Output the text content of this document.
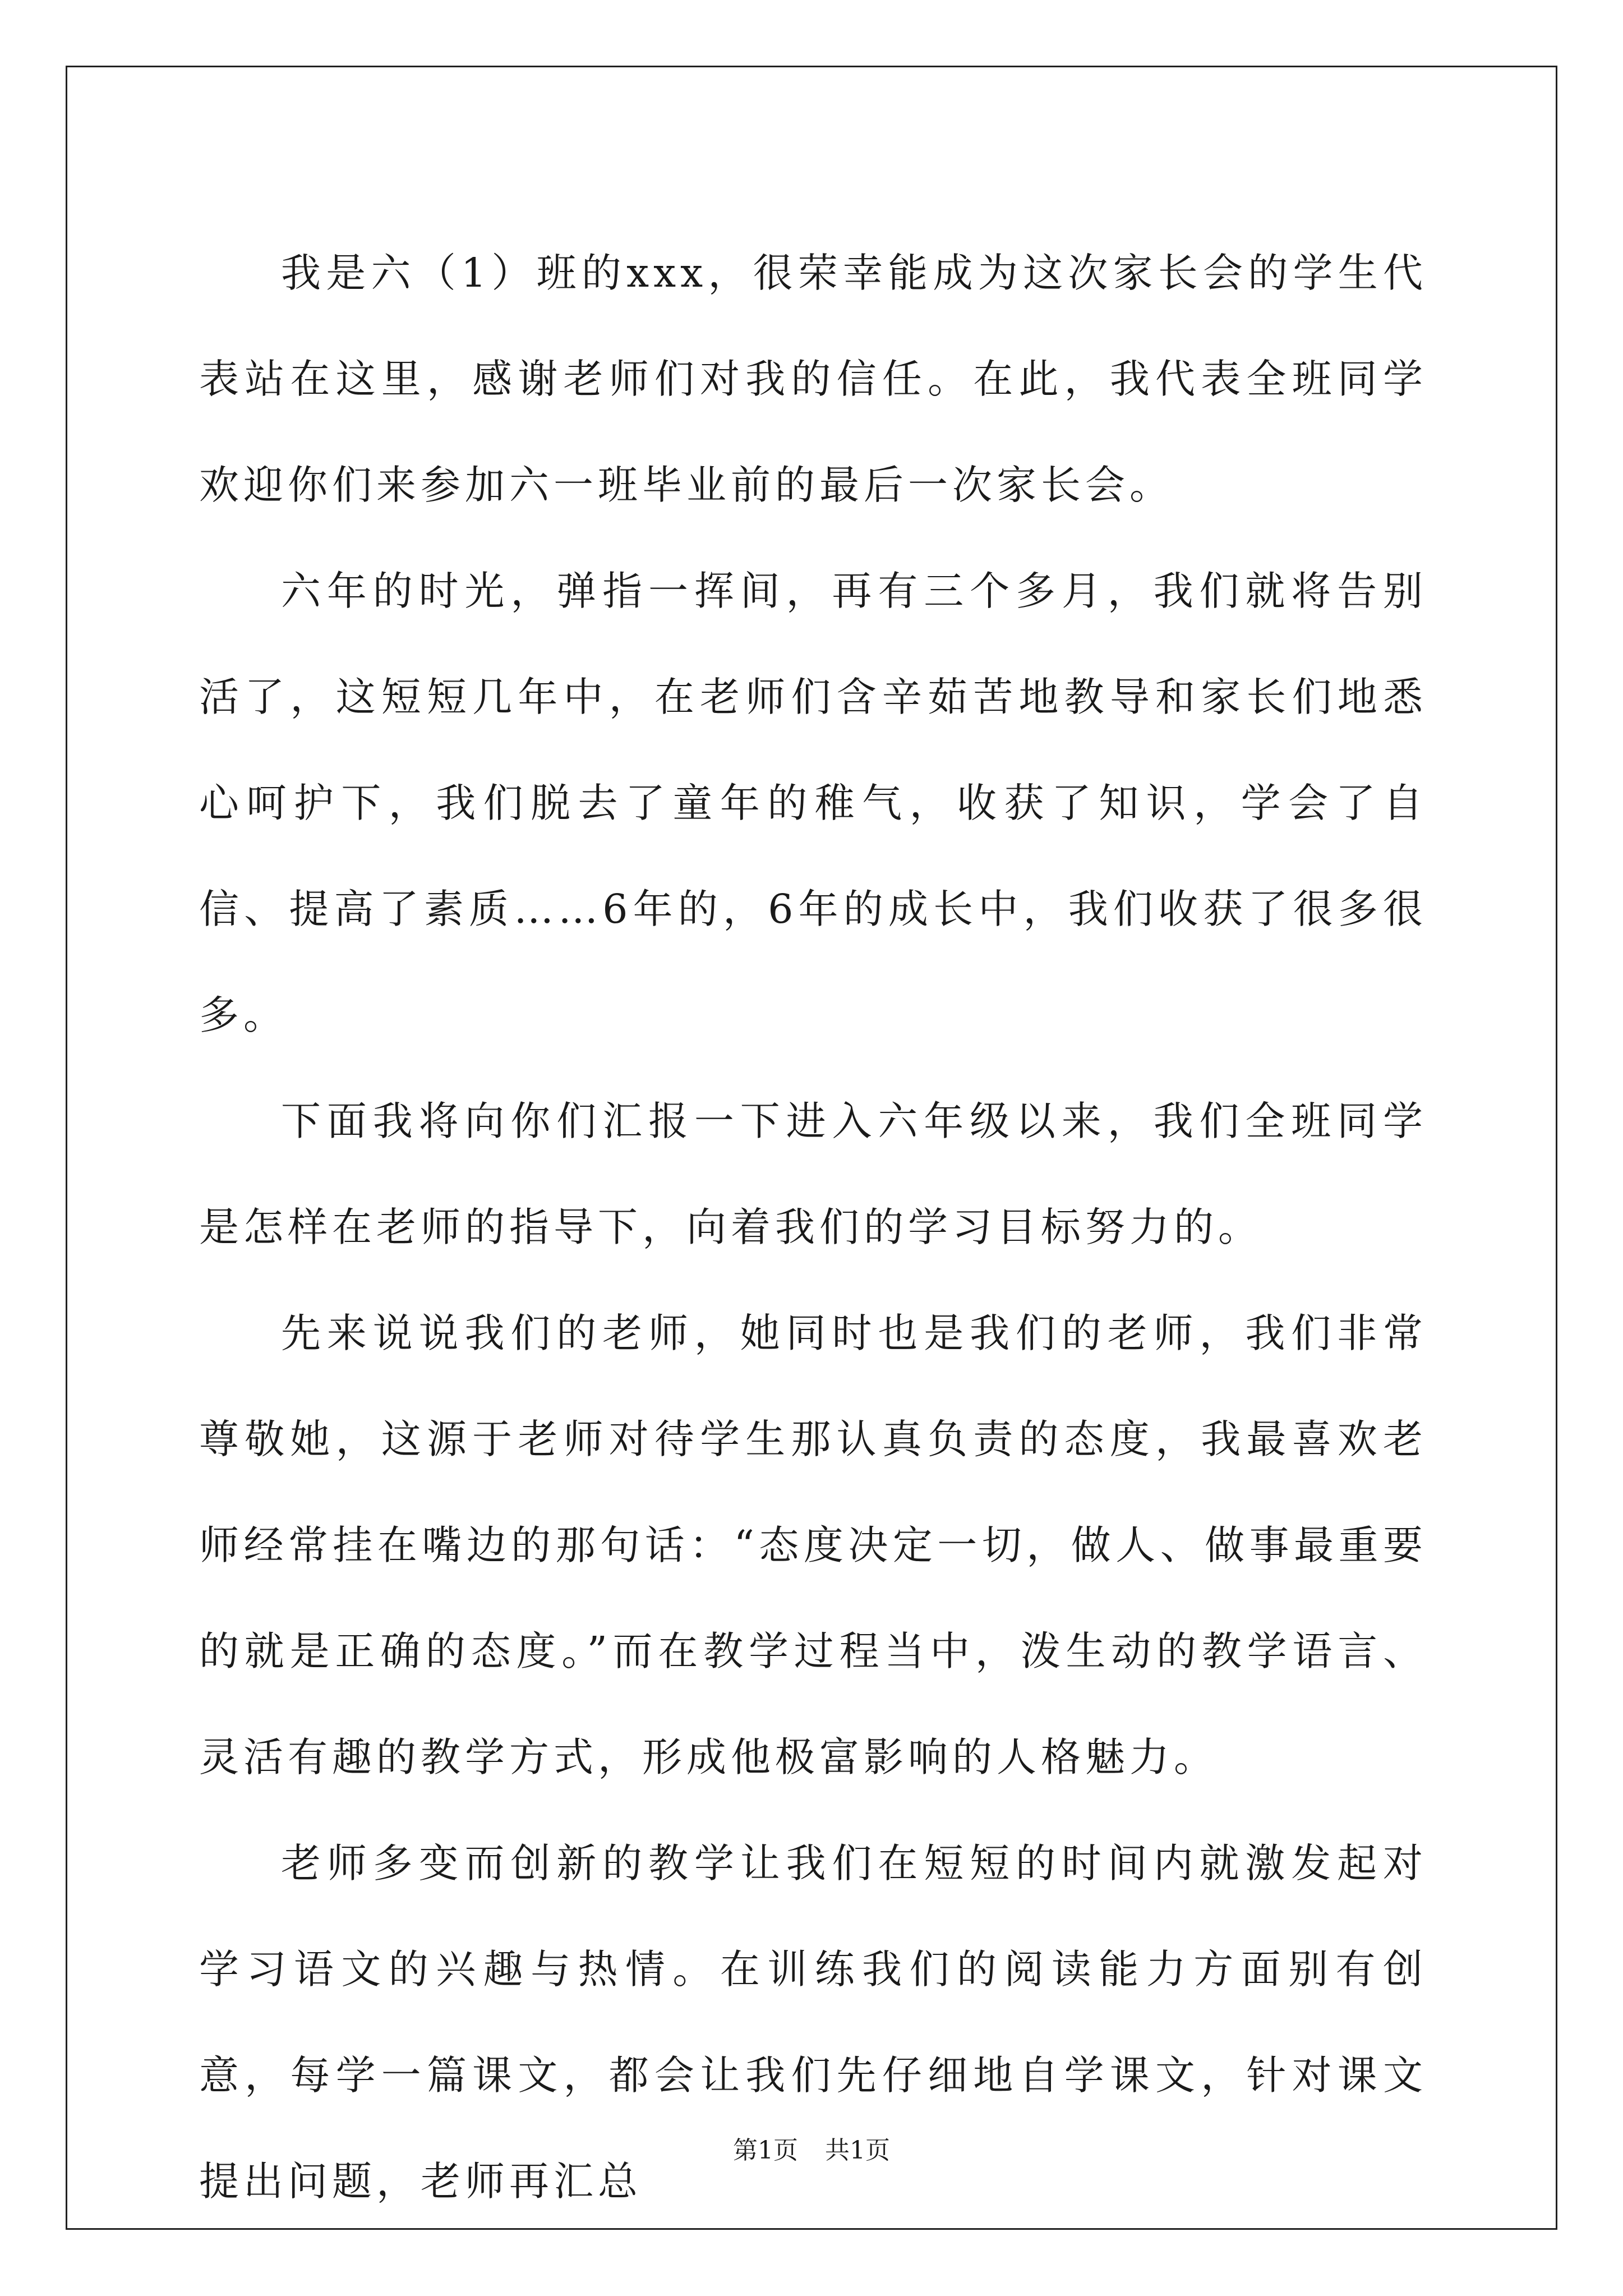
我是六（1）班的xxx，很荣幸能成为这次家长会的学生代表站在这里，感谢老师们对我的信任。在此，我代表全班同学欢迎你们来参加六一班毕业前的最后一次家长会。

六年的时光，弹指一挥间，再有三个多月，我们就将告别活了，这短短几年中，在老师们含辛茹苦地教导和家长们地悉心呵护下，我们脱去了童年的稚气，收获了知识，学会了自信、提高了素质……6年的，6年的成长中，我们收获了很多很多。

下面我将向你们汇报一下进入六年级以来，我们全班同学是怎样在老师的指导下，向着我们的学习目标努力的。

先来说说我们的老师，她同时也是我们的老师，我们非常尊敬她，这源于老师对待学生那认真负责的态度，我最喜欢老师经常挂在嘴边的那句话：“态度决定一切，做人、做事最重要的就是正确的态度。”而在教学过程当中，泼生动的教学语言、灵活有趣的教学方式，形成他极富影响的人格魅力。

老师多变而创新的教学让我们在短短的时间内就激发起对学习语文的兴趣与热情。在训练我们的阅读能力方面别有创意，每学一篇课文，都会让我们先仔细地自学课文，针对课文提出问题，老师再汇总

第1页 共1页
